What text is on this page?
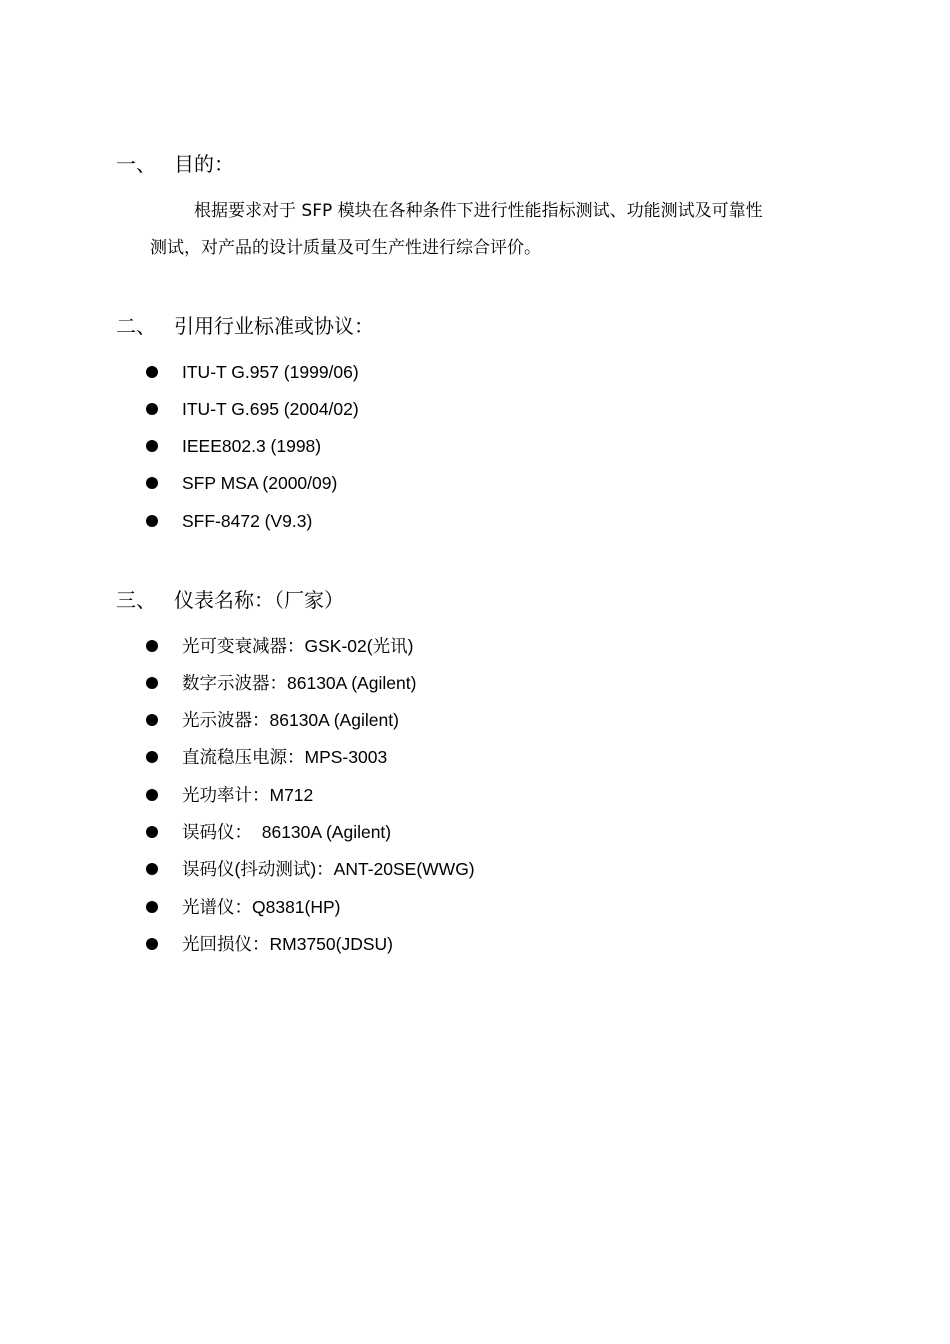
一、 目的：
根据要求对于 SFP 模块在各种条件下进行性能指标测试、功能测试及可靠性
测试，对产品的设计质量及可生产性进行综合评价。
二、 引用行业标准或协议：
ITU-T G.957 (1999/06)
ITU-T G.695 (2004/02)
IEEE802.3 (1998)
SFP MSA (2000/09)
SFF-8472 (V9.3)
三、 仪表名称：（厂家）
光可变衰减器：GSK-02(光讯)
数字示波器：86130A (Agilent)
光示波器：86130A (Agilent)
直流稳压电源：MPS-3003
光功率计：M712
误码仪：  86130A (Agilent)
误码仪(抖动测试)：ANT-20SE(WWG)
光谱仪：Q8381(HP)
光回损仪：RM3750(JDSU)
